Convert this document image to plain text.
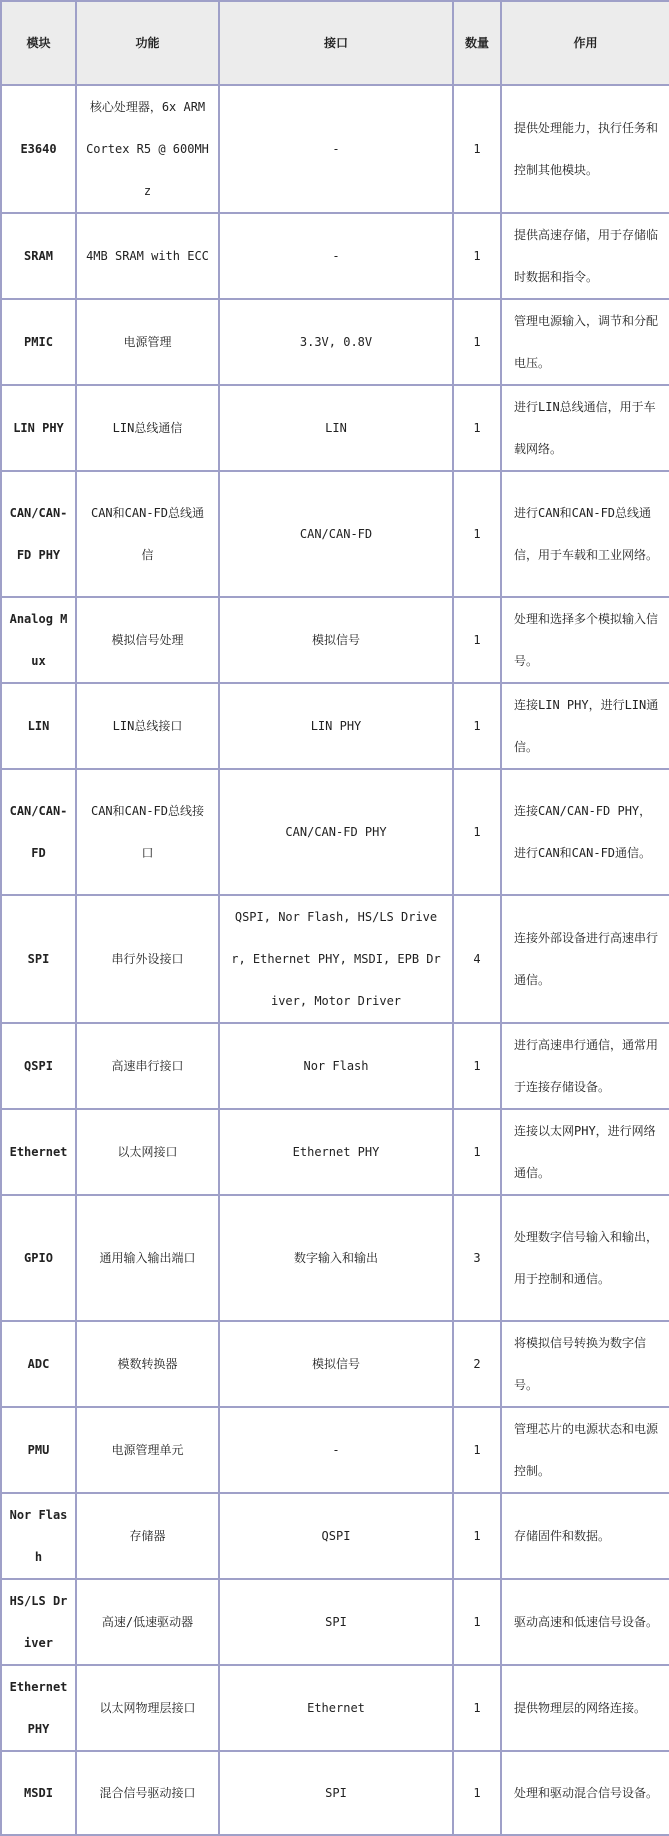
模块	功能	接口	数量	作用
E3640	核心处理器，6x ARM Cortex R5 @ 600MHz	-	1	提供处理能力，执行任务和控制其他模块。
SRAM	4MB SRAM with ECC	-	1	提供高速存储，用于存储临时数据和指令。
PMIC	电源管理	3.3V, 0.8V	1	管理电源输入，调节和分配电压。
LIN PHY	LIN总线通信	LIN	1	进行LIN总线通信，用于车载网络。
CAN/CAN-FD PHY	CAN和CAN-FD总线通信	CAN/CAN-FD	1	进行CAN和CAN-FD总线通信，用于车载和工业网络。
Analog Mux	模拟信号处理	模拟信号	1	处理和选择多个模拟输入信号。
LIN	LIN总线接口	LIN PHY	1	连接LIN PHY，进行LIN通信。
CAN/CAN-FD	CAN和CAN-FD总线接口	CAN/CAN-FD PHY	1	连接CAN/CAN-FD PHY，进行CAN和CAN-FD通信。
SPI	串行外设接口	QSPI, Nor Flash, HS/LS Driver, Ethernet PHY, MSDI, EPB Driver, Motor Driver	4	连接外部设备进行高速串行通信。
QSPI	高速串行接口	Nor Flash	1	进行高速串行通信，通常用于连接存储设备。
Ethernet	以太网接口	Ethernet PHY	1	连接以太网PHY，进行网络通信。
GPIO	通用输入输出端口	数字输入和输出	3	处理数字信号输入和输出，用于控制和通信。
ADC	模数转换器	模拟信号	2	将模拟信号转换为数字信号。
PMU	电源管理单元	-	1	管理芯片的电源状态和电源控制。
Nor Flash	存储器	QSPI	1	存储固件和数据。
HS/LS Driver	高速/低速驱动器	SPI	1	驱动高速和低速信号设备。
Ethernet PHY	以太网物理层接口	Ethernet	1	提供物理层的网络连接。
MSDI	混合信号驱动接口	SPI	1	处理和驱动混合信号设备。
